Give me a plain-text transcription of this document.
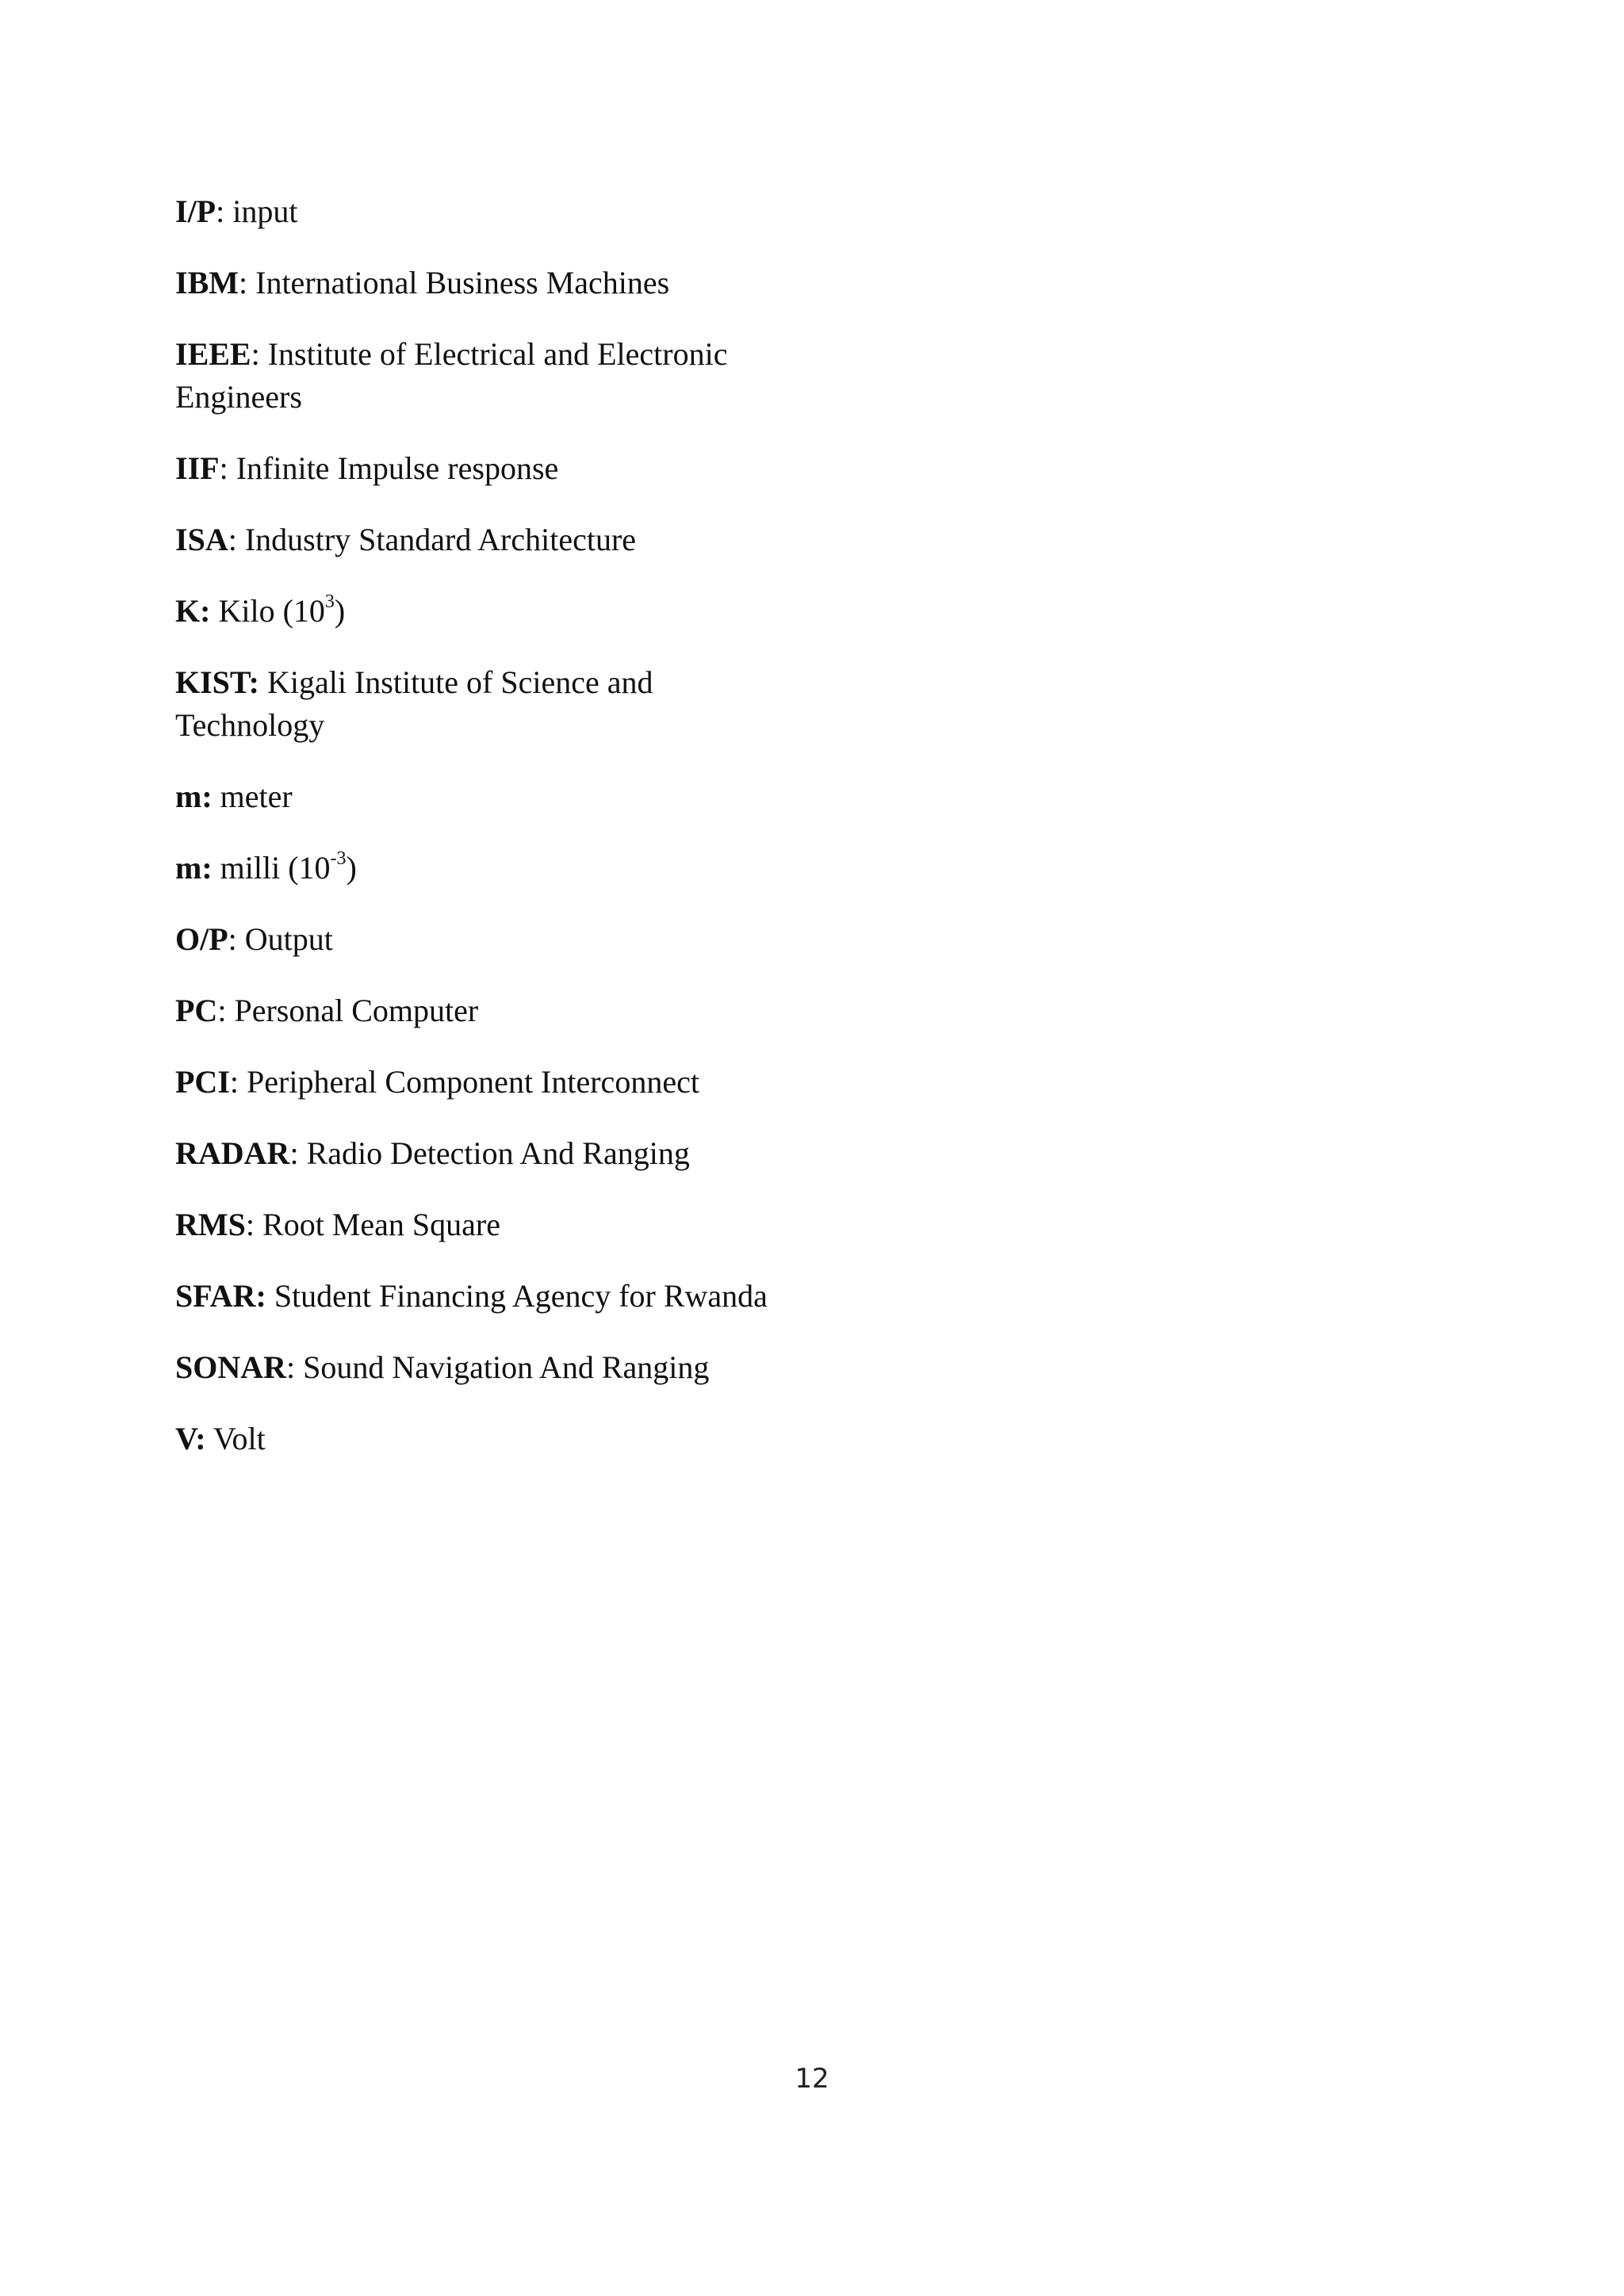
I/P: input

IBM: International Business Machines

IEEE: Institute of Electrical and Electronic Engineers

IIF: Infinite Impulse response

ISA: Industry Standard Architecture

K: Kilo $(10^3)$

KIST: Kigali Institute of Science and Technology

m: meter

m: milli $(10^{-3})$

O/P: Output

PC: Personal Computer

PCI: Peripheral Component Interconnect

RADAR: Radio Detection And Ranging

RMS: Root Mean Square

SFAR: Student Financing Agency for Rwanda

SONAR: Sound Navigation And Ranging

V: Volt

12
